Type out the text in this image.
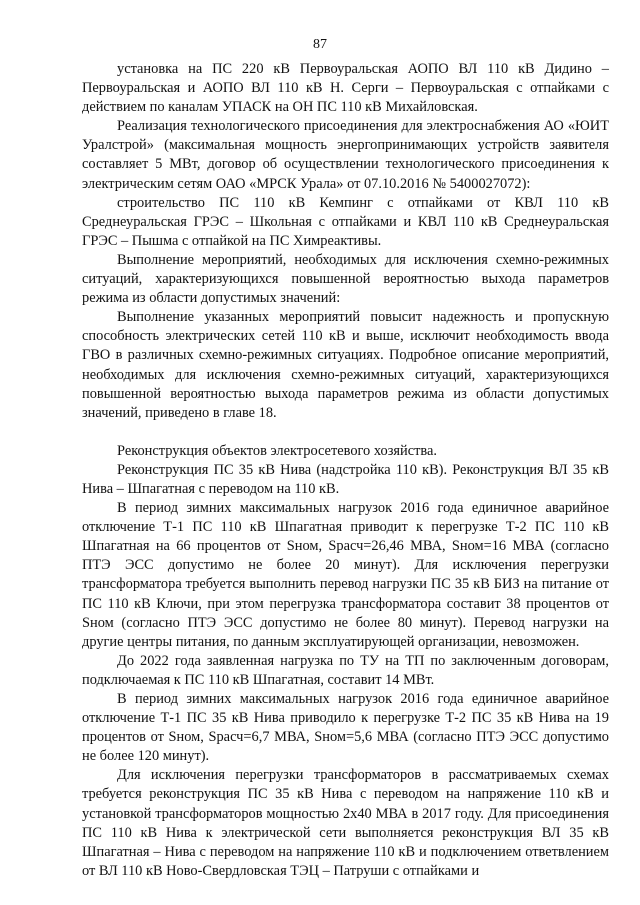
87

установка на ПС 220 кВ Первоуральская АОПО ВЛ 110 кВ Дидино – Первоуральская и АОПО ВЛ 110 кВ Н. Серги – Первоуральская с отпайками с действием по каналам УПАСК на ОН ПС 110 кВ Михайловская.

Реализация технологического присоединения для электроснабжения АО «ЮИТ Уралстрой» (максимальная мощность энергопринимающих устройств заявителя составляет 5 МВт, договор об осуществлении технологического присоединения к электрическим сетям ОАО «МРСК Урала» от 07.10.2016 № 5400027072):

строительство ПС 110 кВ Кемпинг с отпайками от КВЛ 110 кВ Среднеуральская ГРЭС – Школьная с отпайками и КВЛ 110 кВ Среднеуральская ГРЭС – Пышма с отпайкой на ПС Химреактивы.

Выполнение мероприятий, необходимых для исключения схемно-режимных ситуаций, характеризующихся повышенной вероятностью выхода параметров режима из области допустимых значений:

Выполнение указанных мероприятий повысит надежность и пропускную способность электрических сетей 110 кВ и выше, исключит необходимость ввода ГВО в различных схемно-режимных ситуациях. Подробное описание мероприятий, необходимых для исключения схемно-режимных ситуаций, характеризующихся повышенной вероятностью выхода параметров режима из области допустимых значений, приведено в главе 18.

Реконструкция объектов электросетевого хозяйства.

Реконструкция ПС 35 кВ Нива (надстройка 110 кВ). Реконструкция ВЛ 35 кВ Нива – Шпагатная с переводом на 110 кВ.

В период зимних максимальных нагрузок 2016 года единичное аварийное отключение Т-1 ПС 110 кВ Шпагатная приводит к перегрузке Т-2 ПС 110 кВ Шпагатная на 66 процентов от Sном, Sрасч=26,46 МВА, Sном=16 МВА (согласно ПТЭ ЭСС допустимо не более 20 минут). Для исключения перегрузки трансформатора требуется выполнить перевод нагрузки ПС 35 кВ БИЗ на питание от ПС 110 кВ Ключи, при этом перегрузка трансформатора составит 38 процентов от Sном (согласно ПТЭ ЭСС допустимо не более 80 минут). Перевод нагрузки на другие центры питания, по данным эксплуатирующей организации, невозможен.

До 2022 года заявленная нагрузка по ТУ на ТП по заключенным договорам, подключаемая к ПС 110 кВ Шпагатная, составит 14 МВт.

В период зимних максимальных нагрузок 2016 года единичное аварийное отключение Т-1 ПС 35 кВ Нива приводило к перегрузке Т-2 ПС 35 кВ Нива на 19 процентов от Sном, Sрасч=6,7 МВА, Sном=5,6 МВА (согласно ПТЭ ЭСС допустимо не более 120 минут).

Для исключения перегрузки трансформаторов в рассматриваемых схемах требуется реконструкция ПС 35 кВ Нива с переводом на напряжение 110 кВ и установкой трансформаторов мощностью 2х40 МВА в 2017 году. Для присоединения ПС 110 кВ Нива к электрической сети выполняется реконструкция ВЛ 35 кВ Шпагатная – Нива с переводом на напряжение 110 кВ и подключением ответвлением от ВЛ 110 кВ Ново-Свердловская ТЭЦ – Патруши с отпайками и
